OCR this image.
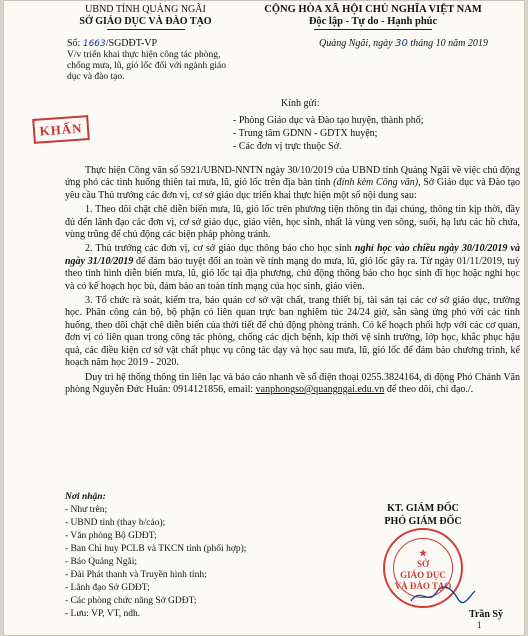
UBND TỈNH QUẢNG NGÃI
SỞ GIÁO DỤC VÀ ĐÀO TẠO
CỘNG HÒA XÃ HỘI CHỦ NGHĨA VIỆT NAM
Độc lập - Tự do - Hạnh phúc
Số: 1663/SGDĐT-VP	Quảng Ngãi, ngày 30 tháng 10 năm 2019
V/v triển khai thực hiện công tác phòng, chống mưa, lũ, gió lốc đối với ngành giáo dục và đào tạo.
KHẨN
Kính gửi:
- Phòng Giáo dục và Đào tạo huyện, thành phố;
- Trung tâm GDNN - GDTX huyện;
- Các đơn vị trực thuộc Sở.

Thực hiện Công văn số 5921/UBND-NNTN ngày 30/10/2019 của UBND tỉnh Quảng Ngãi về việc chủ động ứng phó các tình huống thiên tai mưa, lũ, gió lốc trên địa bàn tỉnh (đính kèm Công văn), Sở Giáo dục và Đào tạo yêu cầu Thủ trưởng các đơn vị, cơ sở giáo dục triển khai thực hiện một số nội dung sau:

1. Theo dõi chặt chẽ diễn biến mưa, lũ, gió lốc trên phương tiện thông tin đại chúng, thông tin kịp thời, đầy đủ đến lãnh đạo các đơn vị, cơ sở giáo dục, giáo viên, học sinh, nhất là vùng ven sông, suối, hạ lưu các hồ chứa, vùng trũng để chủ động các biện pháp phòng tránh.

2. Thủ trưởng các đơn vị, cơ sở giáo dục thông báo cho học sinh nghỉ học vào chiều ngày 30/10/2019 và ngày 31/10/2019 để đảm bảo tuyệt đối an toàn về tính mạng do mưa, lũ, gió lốc gây ra. Từ ngày 01/11/2019, tuỳ theo tình hình diễn biến mưa, lũ, gió lốc tại địa phương, chủ động thông báo cho học sinh đi học hoặc nghỉ học và có kế hoạch học bù, đảm bảo an toàn tính mạng của học sinh, giáo viên.

3. Tổ chức rà soát, kiểm tra, bảo quản cơ sở vật chất, trang thiết bị, tài sản tại các cơ sở giáo dục, trường học. Phân công cán bộ, bộ phận có liên quan trực ban nghiêm túc 24/24 giờ, sẵn sàng ứng phó với các tình huống, theo dõi chặt chẽ diễn biến của thời tiết để chủ động phòng tránh. Có kế hoạch phối hợp với các cơ quan, đơn vị có liên quan trong công tác phòng, chống các dịch bệnh, kịp thời vệ sinh trường, lớp học, khắc phục hậu quả, các điều kiện cơ sở vật chất phục vụ công tác dạy và học sau mưa, lũ, gió lốc để đảm bảo chương trình, kế hoạch năm học 2019 - 2020.

Duy trì hệ thống thông tin liên lạc và báo cáo nhanh về số điện thoại 0255.3824164, di động Phó Chánh Văn phòng Nguyễn Đức Huân: 0914121856, email: vanphongso@quangngai.edu.vn để theo dõi, chỉ đạo./.

Nơi nhận:
- Như trên;
- UBND tỉnh (thay b/cáo);
- Văn phòng Bộ GDĐT;
- Ban Chỉ huy PCLB và TKCN tỉnh (phối hợp);
- Báo Quảng Ngãi;
- Đài Phát thanh và Truyền hình tỉnh;
- Lãnh đạo Sở GDĐT;
- Các phòng chức năng Sở GDĐT;
- Lưu: VP, VT, ndh.
KT. GIÁM ĐỐC
PHÓ GIÁM ĐỐC
★
SỞ
GIÁO DỤC
VÀ ĐÀO TẠO
Trần Sỹ
1
